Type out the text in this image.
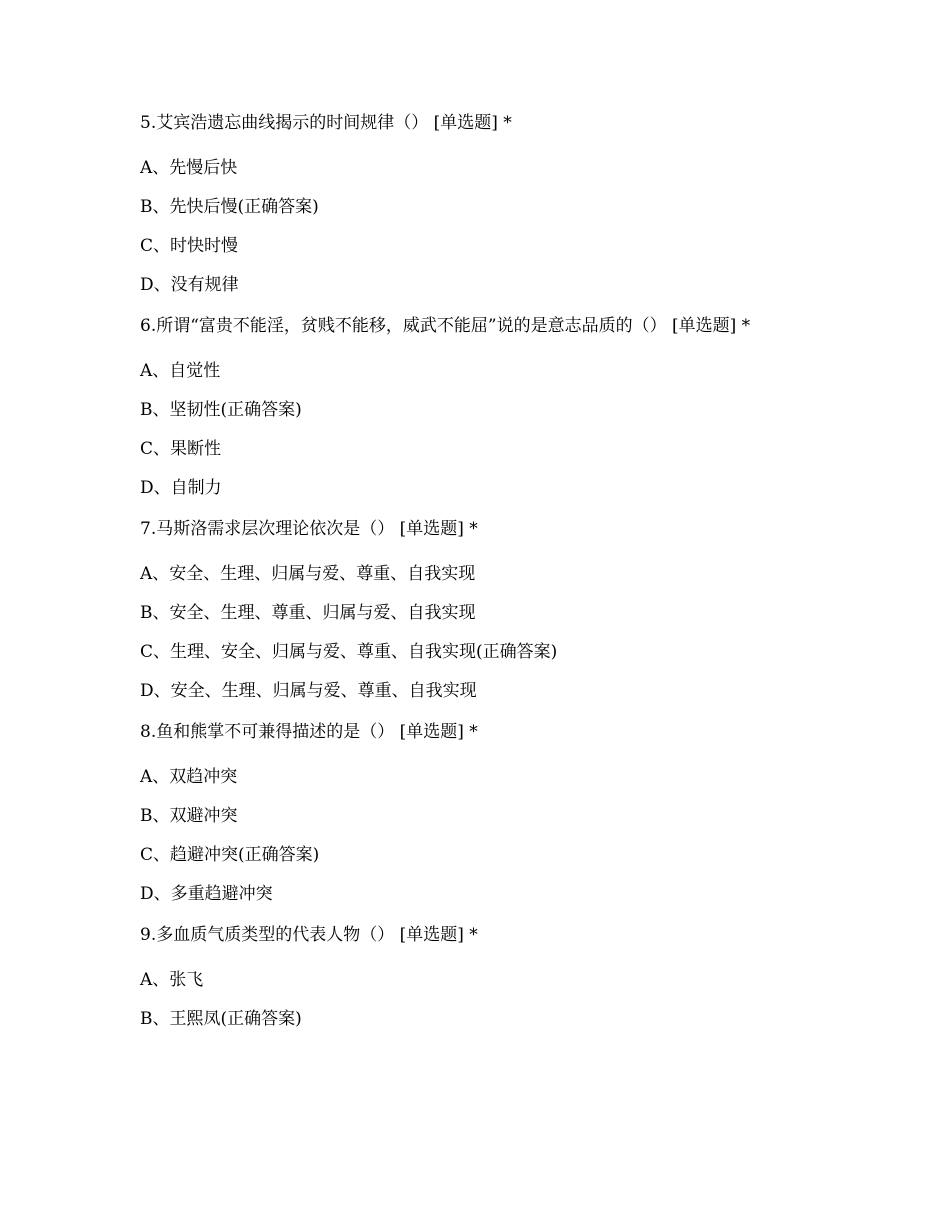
5.艾宾浩遗忘曲线揭示的时间规律（） [单选题] *
A、先慢后快
B、先快后慢(正确答案)
C、时快时慢
D、没有规律
6.所谓“富贵不能淫，贫贱不能移，威武不能屈”说的是意志品质的（） [单选题] *
A、自觉性
B、坚韧性(正确答案)
C、果断性
D、自制力
7.马斯洛需求层次理论依次是（） [单选题] *
A、安全、生理、归属与爱、尊重、自我实现
B、安全、生理、尊重、归属与爱、自我实现
C、生理、安全、归属与爱、尊重、自我实现(正确答案)
D、安全、生理、归属与爱、尊重、自我实现
8.鱼和熊掌不可兼得描述的是（） [单选题] *
A、双趋冲突
B、双避冲突
C、趋避冲突(正确答案)
D、多重趋避冲突
9.多血质气质类型的代表人物（） [单选题] *
A、张飞
B、王熙凤(正确答案)
